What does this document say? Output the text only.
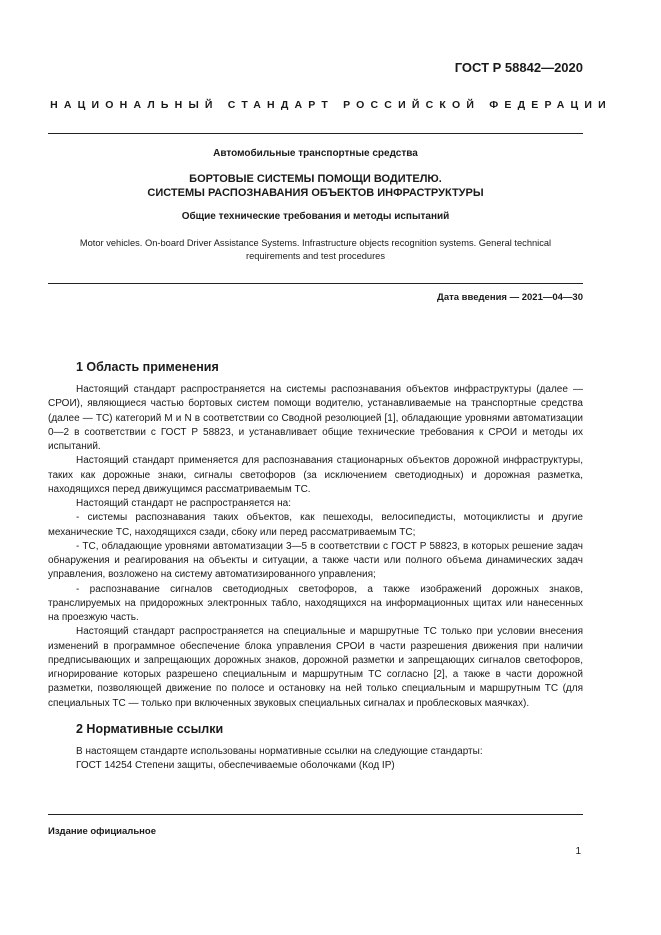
ГОСТ Р 58842—2020
НАЦИОНАЛЬНЫЙ СТАНДАРТ РОССИЙСКОЙ ФЕДЕРАЦИИ
Автомобильные транспортные средства
БОРТОВЫЕ СИСТЕМЫ ПОМОЩИ ВОДИТЕЛЮ.
СИСТЕМЫ РАСПОЗНАВАНИЯ ОБЪЕКТОВ ИНФРАСТРУКТУРЫ
Общие технические требования и методы испытаний
Motor vehicles. On-board Driver Assistance Systems. Infrastructure objects recognition systems. General technical
requirements and test procedures
Дата введения — 2021—04—30
1 Область применения

Настоящий стандарт распространяется на системы распознавания объектов инфраструктуры (далее — СРОИ), являющиеся частью бортовых систем помощи водителю, устанавливаемые на транспортные средства (далее — ТС) категорий М и N в соответствии со Сводной резолюцией [1], обладающие уровнями автоматизации 0—2 в соответствии с ГОСТ Р 58823, и устанавливает общие технические требования к СРОИ и методы их испытаний.

Настоящий стандарт применяется для распознавания стационарных объектов дорожной инфраструктуры, таких как дорожные знаки, сигналы светофоров (за исключением светодиодных) и дорожная разметка, находящихся перед движущимся рассматриваемым ТС.

Настоящий стандарт не распространяется на:

- системы распознавания таких объектов, как пешеходы, велосипедисты, мотоциклисты и другие механические ТС, находящихся сзади, сбоку или перед рассматриваемым ТС;

- ТС, обладающие уровнями автоматизации 3—5 в соответствии с ГОСТ Р 58823, в которых решение задач обнаружения и реагирования на объекты и ситуации, а также части или полного объема динамических задач управления, возложено на систему автоматизированного управления;

- распознавание сигналов светодиодных светофоров, а также изображений дорожных знаков, транслируемых на придорожных электронных табло, находящихся на информационных щитах или нанесенных на проезжую часть.

Настоящий стандарт распространяется на специальные и маршрутные ТС только при условии внесения изменений в программное обеспечение блока управления СРОИ в части разрешения движения при наличии предписывающих и запрещающих дорожных знаков, дорожной разметки и запрещающих сигналов светофоров, игнорирование которых разрешено специальным и маршрутным ТС согласно [2], а также в части дорожной разметки, позволяющей движение по полосе и остановку на ней только специальным и маршрутным ТС (для специальных ТС — только при включенных звуковых специальных сигналах и проблесковых маячках).

2 Нормативные ссылки

В настоящем стандарте использованы нормативные ссылки на следующие стандарты:

ГОСТ 14254 Степени защиты, обеспечиваемые оболочками (Код IP)

Издание официальное
1
